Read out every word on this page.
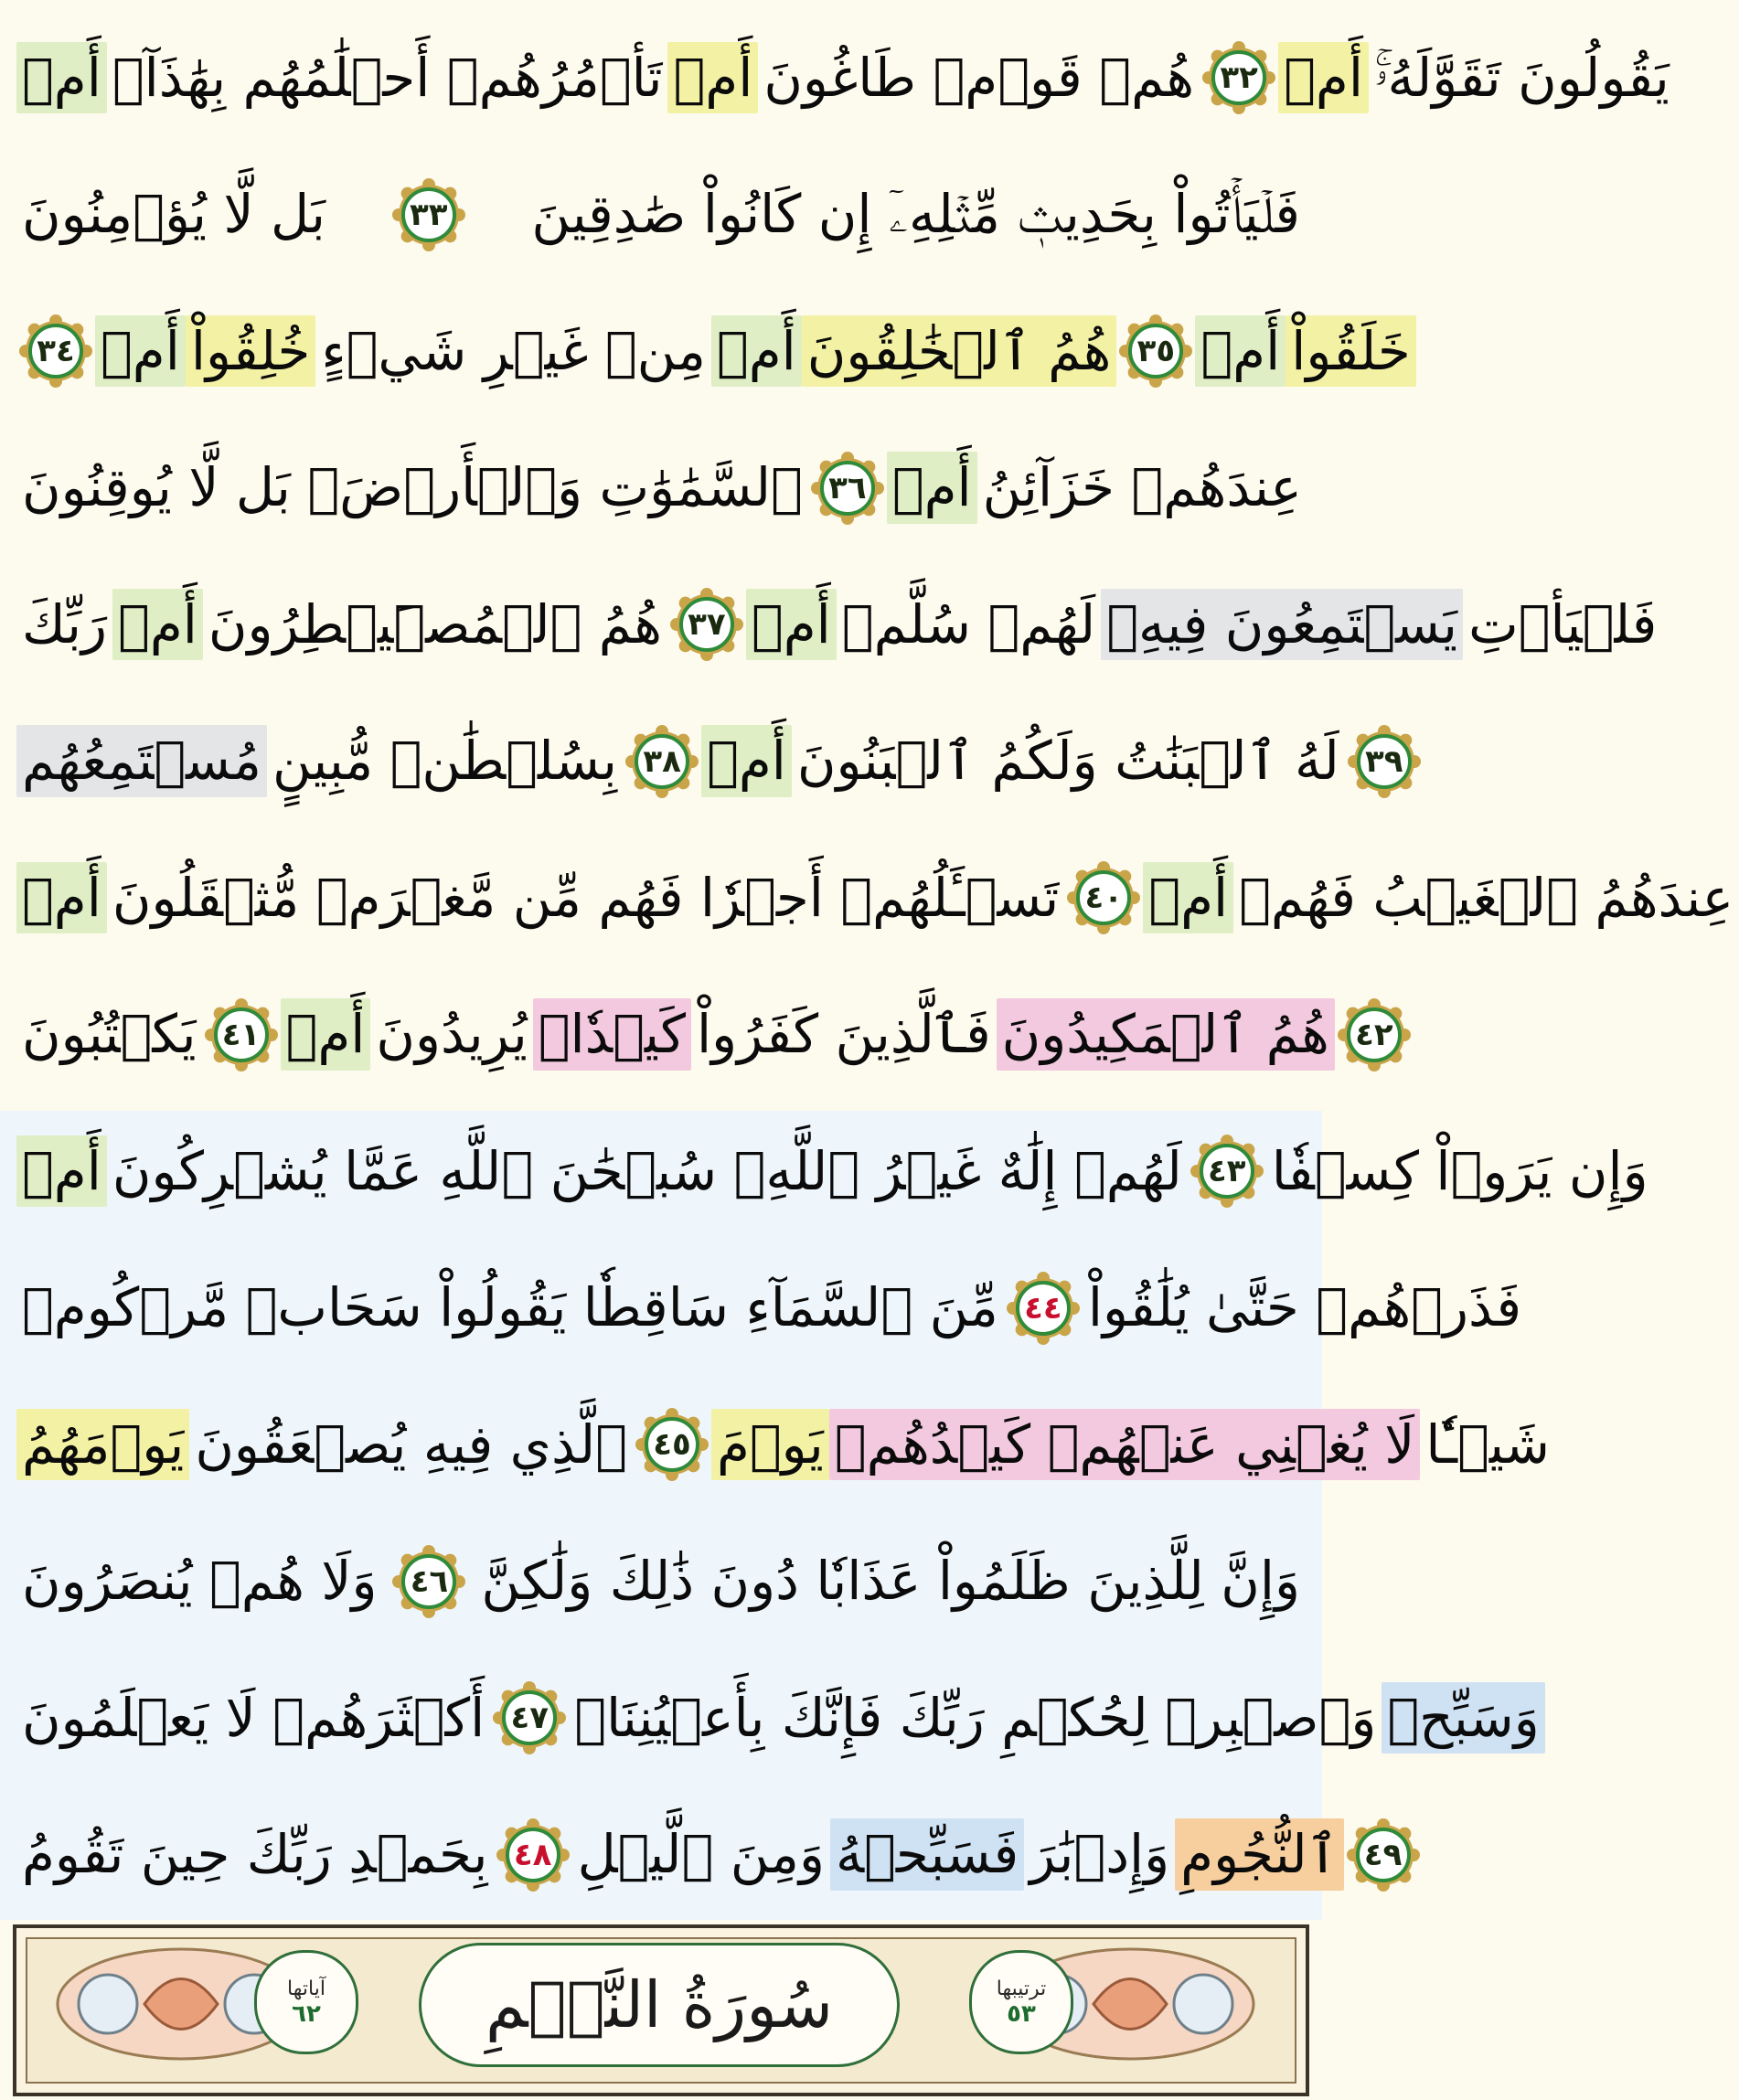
أَمۡ تَأۡمُرُهُمۡ أَحۡلَٰمُهُم بِهَٰذَآۚ أَمۡ هُمۡ قَوۡمٞ طَاغُونَ ٣٢ أَمۡ يَقُولُونَ تَقَوَّلَهُۥۚ
بَل لَّا يُؤۡمِنُونَ	٣٣ فَلۡيَأۡتُواْ بِحَدِيثٖ مِّثۡلِهِۦٓ إِن كَانُواْ صَٰدِقِينَ
٣٤ أَمۡ خُلِقُواْ مِنۡ غَيۡرِ شَيۡءٍ أَمۡ هُمُ ٱلۡخَٰلِقُونَ ٣٥ أَمۡ خَلَقُواْ
ٱلسَّمَٰوَٰتِ وَٱلۡأَرۡضَۚ بَل لَّا يُوقِنُونَ ٣٦ أَمۡ عِندَهُمۡ خَزَآئِنُ
رَبِّكَ أَمۡ هُمُ ٱلۡمُصَۜيۡطِرُونَ ٣٧ أَمۡ لَهُمۡ سُلَّمٞ يَسۡتَمِعُونَ فِيهِۖ فَلۡيَأۡتِ
مُسۡتَمِعُهُم بِسُلۡطَٰنٖ مُّبِينٍ ٣٨ أَمۡ لَهُ ٱلۡبَنَٰتُ وَلَكُمُ ٱلۡبَنُونَ ٣٩
أَمۡ تَسۡـَٔلُهُمۡ أَجۡرٗا فَهُم مِّن مَّغۡرَمٖ مُّثۡقَلُونَ ٤٠ أَمۡ عِندَهُمُ ٱلۡغَيۡبُ فَهُمۡ
يَكۡتُبُونَ ٤١ أَمۡ يُرِيدُونَ كَيۡدٗاۖ فَٱلَّذِينَ كَفَرُواْ هُمُ ٱلۡمَكِيدُونَ ٤٢
أَمۡ لَهُمۡ إِلَٰهٌ غَيۡرُ ٱللَّهِۚ سُبۡحَٰنَ ٱللَّهِ عَمَّا يُشۡرِكُونَ ٤٣ وَإِن يَرَوۡاْ كِسۡفٗا
مِّنَ ٱلسَّمَآءِ سَاقِطٗا يَقُولُواْ سَحَابٞ مَّرۡكُومٞ ٤٤ فَذَرۡهُمۡ حَتَّىٰ يُلَٰقُواْ
يَوۡمَهُمُ ٱلَّذِي فِيهِ يُصۡعَقُونَ ٤٥ يَوۡمَ لَا يُغۡنِي عَنۡهُمۡ كَيۡدُهُمۡ شَيۡـٔٗا
وَلَا هُمۡ يُنصَرُونَ ٤٦ وَإِنَّ لِلَّذِينَ ظَلَمُواْ عَذَابٗا دُونَ ذَٰلِكَ وَلَٰكِنَّ
أَكۡثَرَهُمۡ لَا يَعۡلَمُونَ ٤٧ وَٱصۡبِرۡ لِحُكۡمِ رَبِّكَ فَإِنَّكَ بِأَعۡيُنِنَاۖ وَسَبِّحۡ
بِحَمۡدِ رَبِّكَ حِينَ تَقُومُ ٤٨ وَمِنَ ٱلَّيۡلِ فَسَبِّحۡهُ وَإِدۡبَٰرَ ٱلنُّجُومِ ٤٩
آياتها
٦٢	سُورَةُ النَّجۡمِ	ترتيبها
٥٣
